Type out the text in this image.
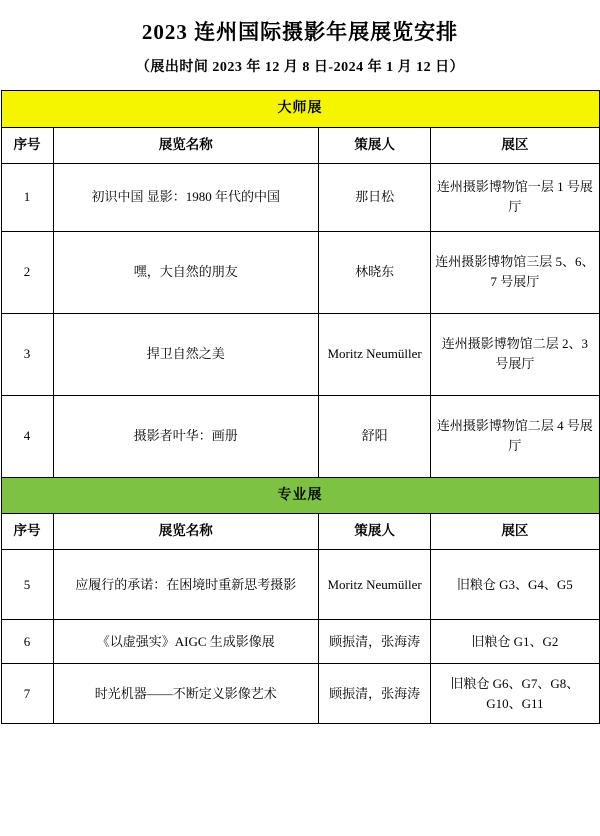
2023 连州国际摄影年展展览安排
（展出时间 2023 年 12 月 8 日-2024 年 1 月 12 日）
大师展			
序号	展览名称	策展人	展区
1	初识中国 显影：1980 年代的中国	那日松	连州摄影博物馆一层 1 号展厅
2	嘿，大自然的朋友	林晓东	连州摄影博物馆三层 5、6、7 号展厅
3	捍卫自然之美	Moritz Neumüller	连州摄影博物馆二层 2、3 号展厅
4	摄影者叶华：画册	舒阳	连州摄影博物馆二层 4 号展厅
专业展			
序号	展览名称	策展人	展区
5	应履行的承诺：在困境时重新思考摄影	Moritz Neumüller	旧粮仓 G3、G4、G5
6	《以虚强实》AIGC 生成影像展	顾振清，张海涛	旧粮仓 G1、G2
7	时光机器——不断定义影像艺术	顾振清，张海涛	旧粮仓 G6、G7、G8、G10、G11
